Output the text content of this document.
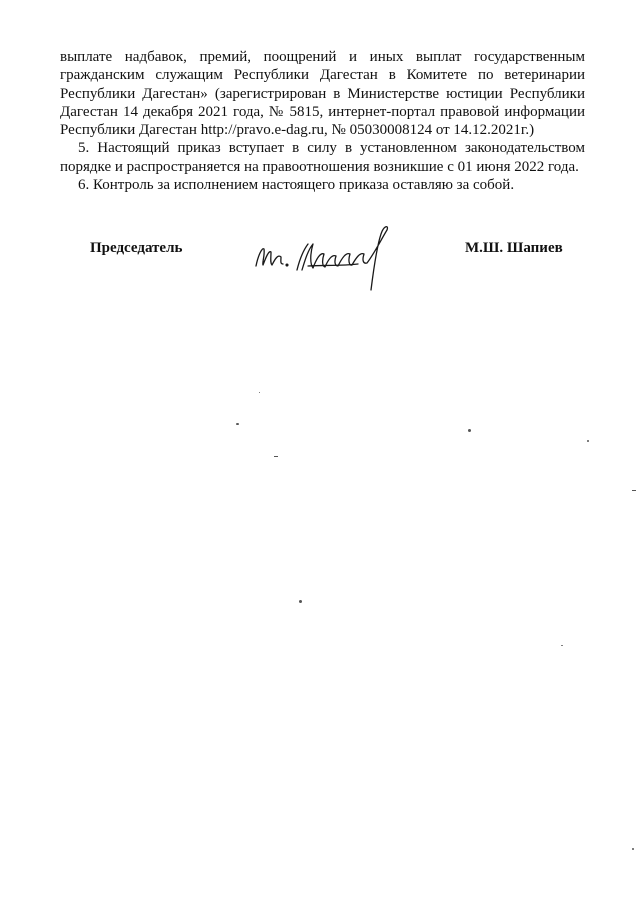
выплате надбавок, премий, поощрений и иных выплат государственным
гражданским служащим Республики Дагестан в Комитете по ветеринарии
Республики Дагестан» (зарегистрирован в Министерстве юстиции Республики
Дагестан 14 декабря 2021 года, № 5815, интернет-портал правовой информации
Республики Дагестан http://pravo.e-dag.ru, № 05030008124 от 14.12.2021г.)
5. Настоящий приказ вступает в силу в установленном законодательством
порядке и распространяется на правоотношения возникшие с 01 июня 2022 года.
6. Контроль за исполнением настоящего приказа оставляю за собой.
Председатель	М.Ш. Шапиев
